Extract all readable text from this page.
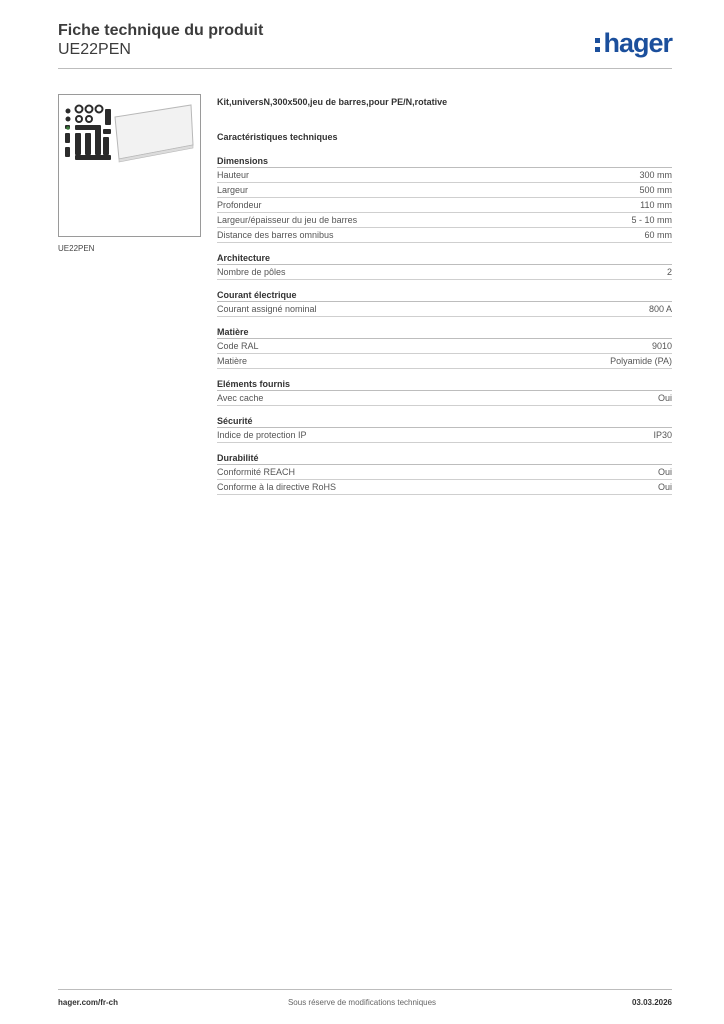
Fiche technique du produit
UE22PEN	hager
UE22PEN
Kit,universN,300x500,jeu de barres,pour PE/N,rotative
Caractéristiques techniques
Dimensions
Hauteur	300 mm
Largeur	500 mm
Profondeur	110 mm
Largeur/épaisseur du jeu de barres	5 - 10 mm
Distance des barres omnibus	60 mm
Architecture
Nombre de pôles	2
Courant électrique
Courant assigné nominal	800 A
Matière
Code RAL	9010
Matière	Polyamide (PA)
Eléments fournis
Avec cache	Oui
Sécurité
Indice de protection IP	IP30
Durabilité
Conformité REACH	Oui
Conforme à la directive RoHS	Oui
hager.com/fr-ch	Sous réserve de modifications techniques	03.03.2026
